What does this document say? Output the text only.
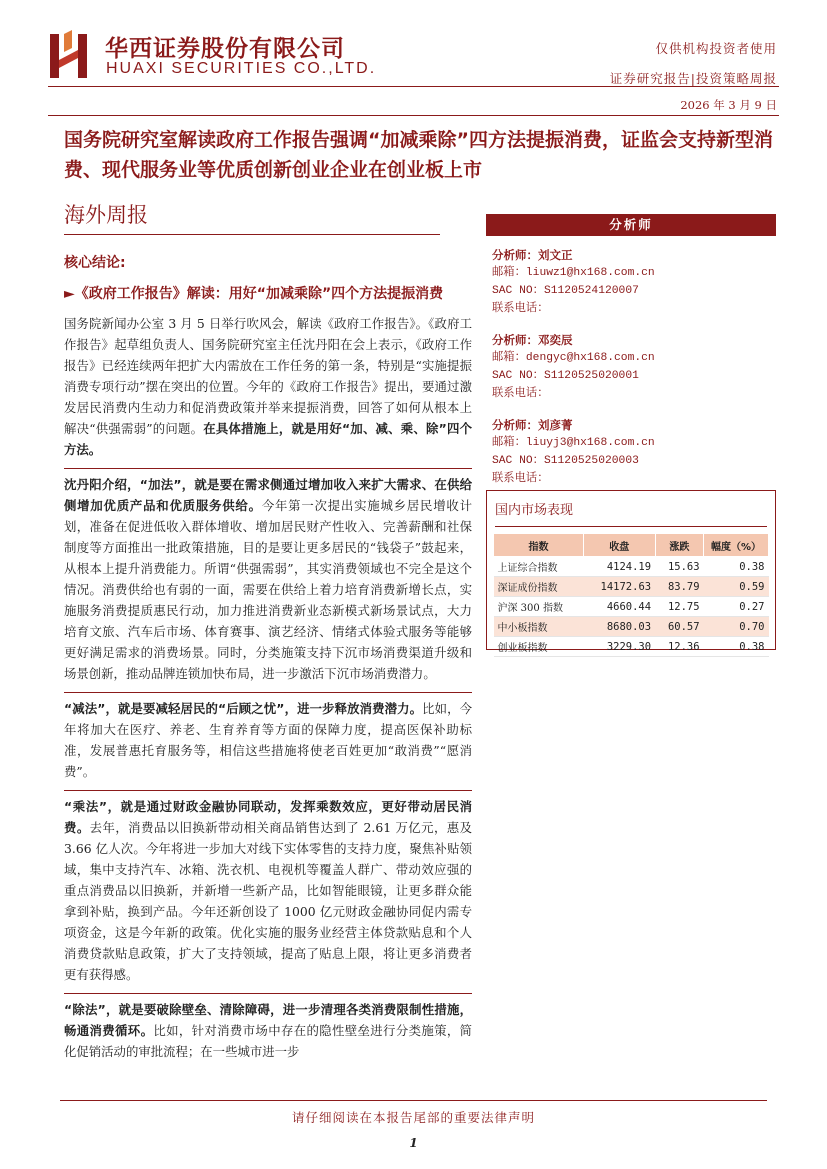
华西证券股份有限公司
HUAXI SECURITIES CO.,LTD.
仅供机构投资者使用
证券研究报告|投资策略周报
2026 年 3 月 9 日
国务院研究室解读政府工作报告强调“加减乘除”四方法提振消费，证监会支持新型消费、现代服务业等优质创新创业企业在创业板上市
海外周报
核心结论:
►《政府工作报告》解读：用好“加减乘除”四个方法提振消费

国务院新闻办公室 3 月 5 日举行吹风会，解读《政府工作报告》。《政府工作报告》起草组负责人、国务院研究室主任沈丹阳在会上表示，《政府工作报告》已经连续两年把扩大内需放在工作任务的第一条，特别是“实施提振消费专项行动”摆在突出的位置。今年的《政府工作报告》提出，要通过激发居民消费内生动力和促消费政策并举来提振消费，回答了如何从根本上解决“供强需弱”的问题。在具体措施上，就是用好“加、减、乘、除”四个方法。

沈丹阳介绍，“加法”，就是要在需求侧通过增加收入来扩大需求、在供给侧增加优质产品和优质服务供给。今年第一次提出实施城乡居民增收计划，准备在促进低收入群体增收、增加居民财产性收入、完善薪酬和社保制度等方面推出一批政策措施，目的是要让更多居民的“钱袋子”鼓起来，从根本上提升消费能力。所谓“供强需弱”，其实消费领域也不完全是这个情况。消费供给也有弱的一面，需要在供给上着力培育消费新增长点，实施服务消费提质惠民行动，加力推进消费新业态新模式新场景试点，大力培育文旅、汽车后市场、体育赛事、演艺经济、情绪式体验式服务等能够更好满足需求的消费场景。同时，分类施策支持下沉市场消费渠道升级和场景创新，推动品牌连锁加快布局，进一步激活下沉市场消费潜力。

“减法”，就是要减轻居民的“后顾之忧”，进一步释放消费潜力。比如，今年将加大在医疗、养老、生育养育等方面的保障力度，提高医保补助标准，发展普惠托育服务等，相信这些措施将使老百姓更加“敢消费”“愿消费”。

“乘法”，就是通过财政金融协同联动，发挥乘数效应，更好带动居民消费。去年，消费品以旧换新带动相关商品销售达到了 2.61 万亿元，惠及 3.66 亿人次。今年将进一步加大对线下实体零售的支持力度，聚焦补贴领域，集中支持汽车、冰箱、洗衣机、电视机等覆盖人群广、带动效应强的重点消费品以旧换新，并新增一些新产品，比如智能眼镜，让更多群众能拿到补贴，换到产品。今年还新创设了 1000 亿元财政金融协同促内需专项资金，这是今年新的政策。优化实施的服务业经营主体贷款贴息和个人消费贷款贴息政策，扩大了支持领域，提高了贴息上限，将让更多消费者更有获得感。

“除法”，就是要破除壁垒、清除障碍，进一步清理各类消费限制性措施，畅通消费循环。比如，针对消费市场中存在的隐性壁垒进行分类施策，简化促销活动的审批流程；在一些城市进一步

分析师
分析师：刘文正
邮箱：liuwz1@hx168.com.cn
SAC NO：S1120524120007
联系电话：
分析师：邓奕辰
邮箱：dengyc@hx168.com.cn
SAC NO：S1120525020001
联系电话：
分析师：刘彦菁
邮箱：liuyj3@hx168.com.cn
SAC NO：S1120525020003
联系电话：
国内市场表现
指数	收盘	涨跌	幅度（%）
上证综合指数	4124.19	15.63	0.38
深证成份指数	14172.63	83.79	0.59
沪深 300 指数	4660.44	12.75	0.27
中小板指数	8680.03	60.57	0.70
创业板指数	3229.30	12.36	0.38
请仔细阅读在本报告尾部的重要法律声明
1
